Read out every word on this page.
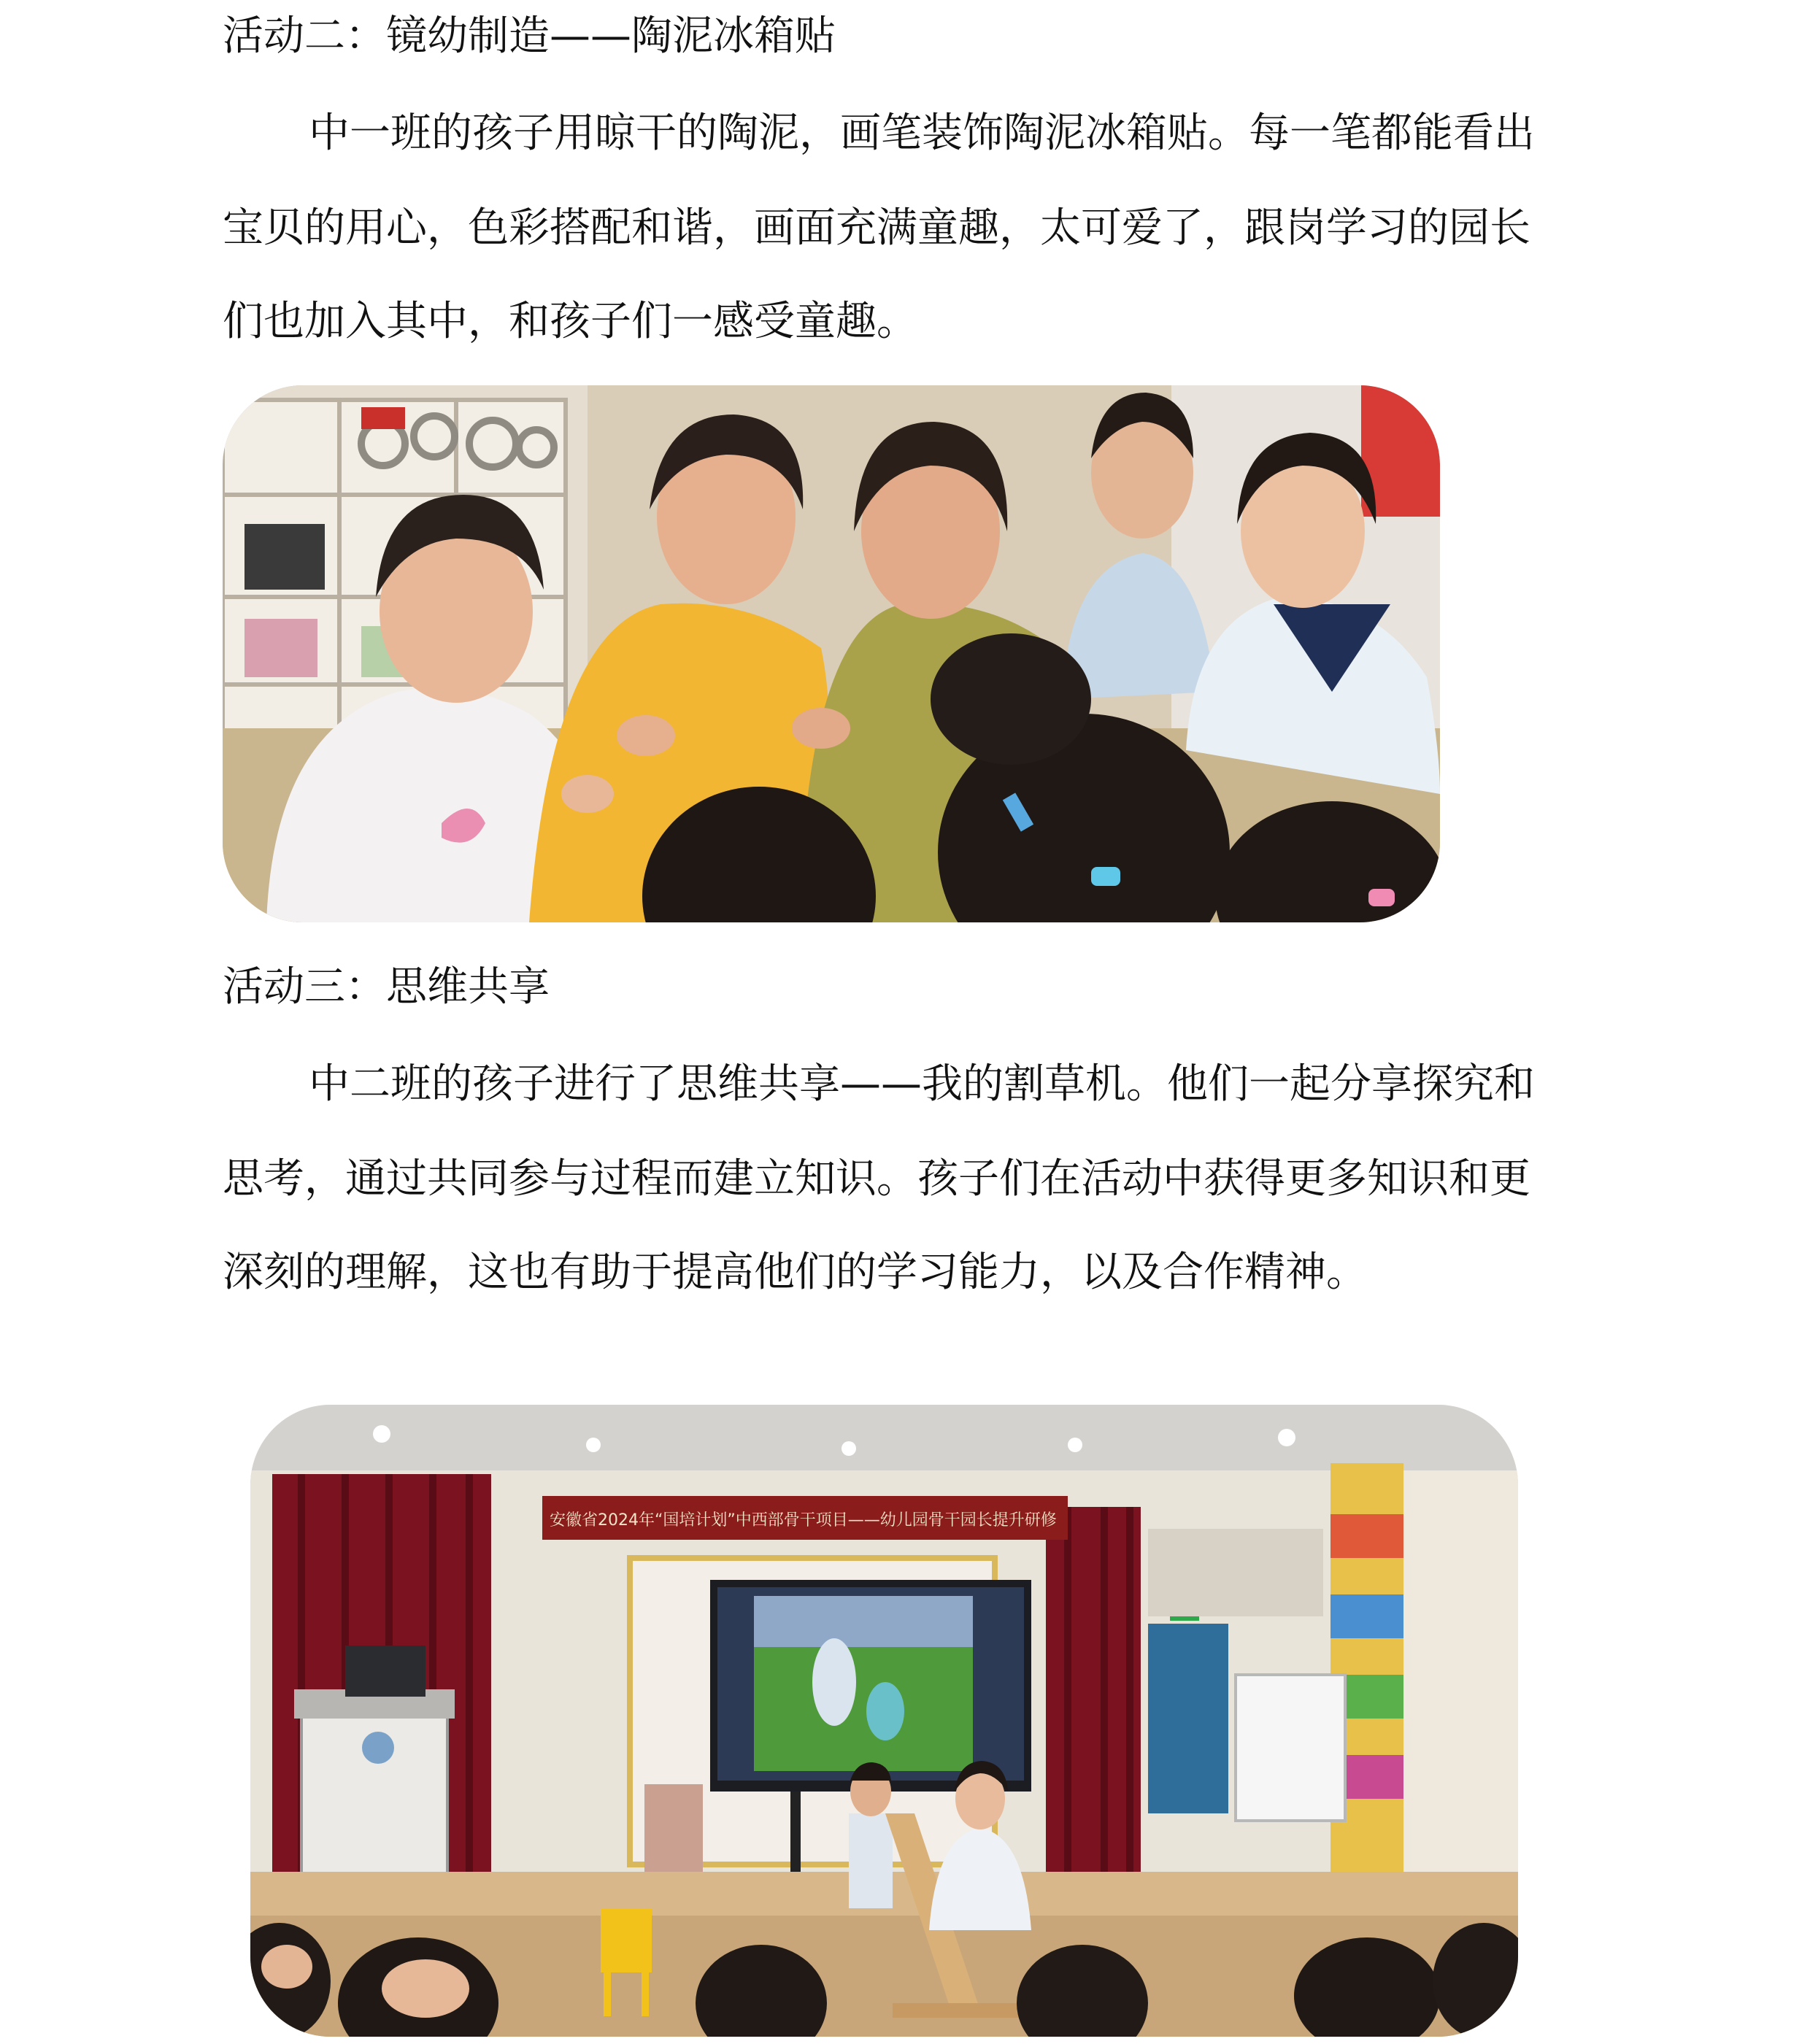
活动二：镜幼制造——陶泥冰箱贴
中一班的孩子用晾干的陶泥，画笔装饰陶泥冰箱贴。每一笔都能看出
宝贝的用心，色彩搭配和谐，画面充满童趣，太可爱了，跟岗学习的园长
们也加入其中，和孩子们一感受童趣。
活动三：思维共享
中二班的孩子进行了思维共享——我的割草机。他们一起分享探究和
思考，通过共同参与过程而建立知识。孩子们在活动中获得更多知识和更
深刻的理解，这也有助于提高他们的学习能力，以及合作精神。
安徽省2024年“国培计划”中西部骨干项目——幼儿园骨干园长提升研修
